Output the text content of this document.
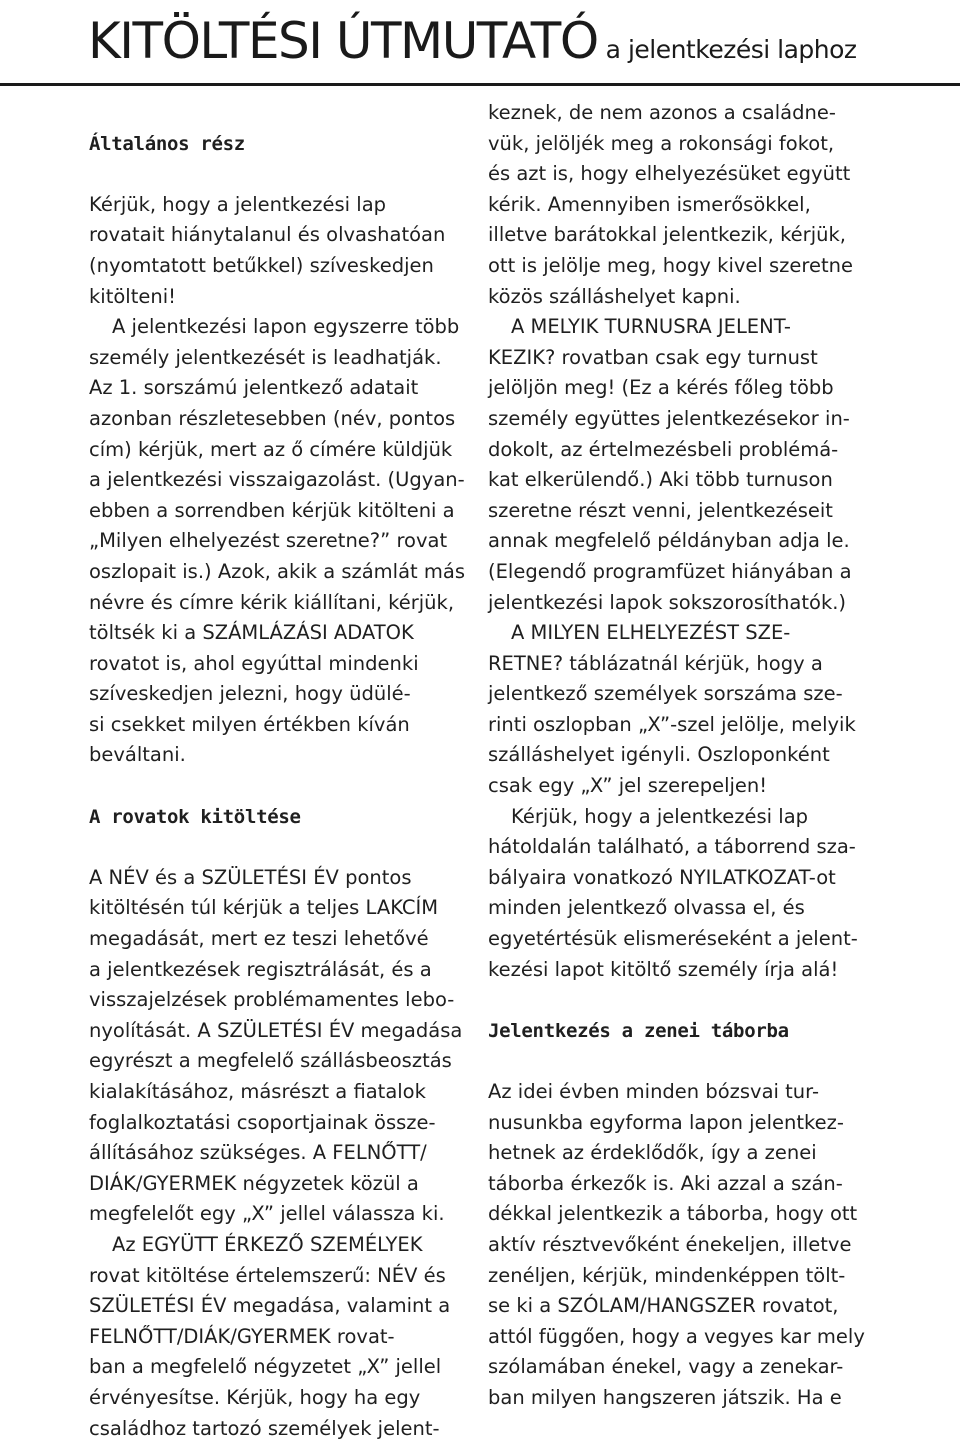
KITÖLTÉSI ÚTMUTATÓ a jelentkezési laphoz
Általános rész
Kérjük, hogy a jelentkezési lap
rovatait hiánytalanul és olvashatóan
(nyomtatott betűkkel) szíveskedjen
kitölteni!
A jelentkezési lapon egyszerre több
személy jelentkezését is leadhatják.
Az 1. sorszámú jelentkező adatait
azonban részletesebben (név, pontos
cím) kérjük, mert az ő címére küldjük
a jelentkezési visszaigazolást. (Ugyan-
ebben a sorrendben kérjük kitölteni a
„Milyen elhelyezést szeretne?” rovat
oszlopait is.) Azok, akik a számlát más
névre és címre kérik kiállítani, kérjük,
töltsék ki a SZÁMLÁZÁSI ADATOK
rovatot is, ahol egyúttal mindenki
szíveskedjen jelezni, hogy üdülé-
si csekket milyen értékben kíván
beváltani.
A rovatok kitöltése
A NÉV és a SZÜLETÉSI ÉV pontos
kitöltésén túl kérjük a teljes LAKCÍM
megadását, mert ez teszi lehetővé
a jelentkezések regisztrálását, és a
visszajelzések problémamentes lebo-
nyolítását. A SZÜLETÉSI ÉV megadása
egyrészt a megfelelő szállásbeosztás
kialakításához, másrészt a fiatalok
foglalkoztatási csoportjainak össze-
állításához szükséges. A FELNŐTT/
DIÁK/GYERMEK négyzetek közül a
megfelelőt egy „X” jellel válassza ki.
Az EGYÜTT ÉRKEZŐ SZEMÉLYEK
rovat kitöltése értelemszerű: NÉV és
SZÜLETÉSI ÉV megadása, valamint a
FELNŐTT/DIÁK/GYERMEK rovat-
ban a megfelelő négyzetet „X” jellel
érvényesítse. Kérjük, hogy ha egy
családhoz tartozó személyek jelent-
keznek, de nem azonos a családne-
vük, jelöljék meg a rokonsági fokot,
és azt is, hogy elhelyezésüket együtt
kérik. Amennyiben ismerősökkel,
illetve barátokkal jelentkezik, kérjük,
ott is jelölje meg, hogy kivel szeretne
közös szálláshelyet kapni.
A MELYIK TURNUSRA JELENT-
KEZIK? rovatban csak egy turnust
jelöljön meg! (Ez a kérés főleg több
személy együttes jelentkezésekor in-
dokolt, az értelmezésbeli problémá-
kat elkerülendő.) Aki több turnuson
szeretne részt venni, jelentkezéseit
annak megfelelő példányban adja le.
(Elegendő programfüzet hiányában a
jelentkezési lapok sokszorosíthatók.)
A MILYEN ELHELYEZÉST SZE-
RETNE? táblázatnál kérjük, hogy a
jelentkező személyek sorszáma sze-
rinti oszlopban „X”-szel jelölje, melyik
szálláshelyet igényli. Oszloponként
csak egy „X” jel szerepeljen!
Kérjük, hogy a jelentkezési lap
hátoldalán található, a táborrend sza-
bályaira vonatkozó NYILATKOZAT-ot
minden jelentkező olvassa el, és
egyetértésük elismeréseként a jelent-
kezési lapot kitöltő személy írja alá!
Jelentkezés a zenei táborba
Az idei évben minden bózsvai tur-
nusunkba egyforma lapon jelentkez-
hetnek az érdeklődők, így a zenei
táborba érkezők is. Aki azzal a szán-
dékkal jelentkezik a táborba, hogy ott
aktív résztvevőként énekeljen, illetve
zenéljen, kérjük, mindenképpen tölt-
se ki a SZÓLAM/HANGSZER rovatot,
attól függően, hogy a vegyes kar mely
szólamában énekel, vagy a zenekar-
ban milyen hangszeren játszik. Ha e
